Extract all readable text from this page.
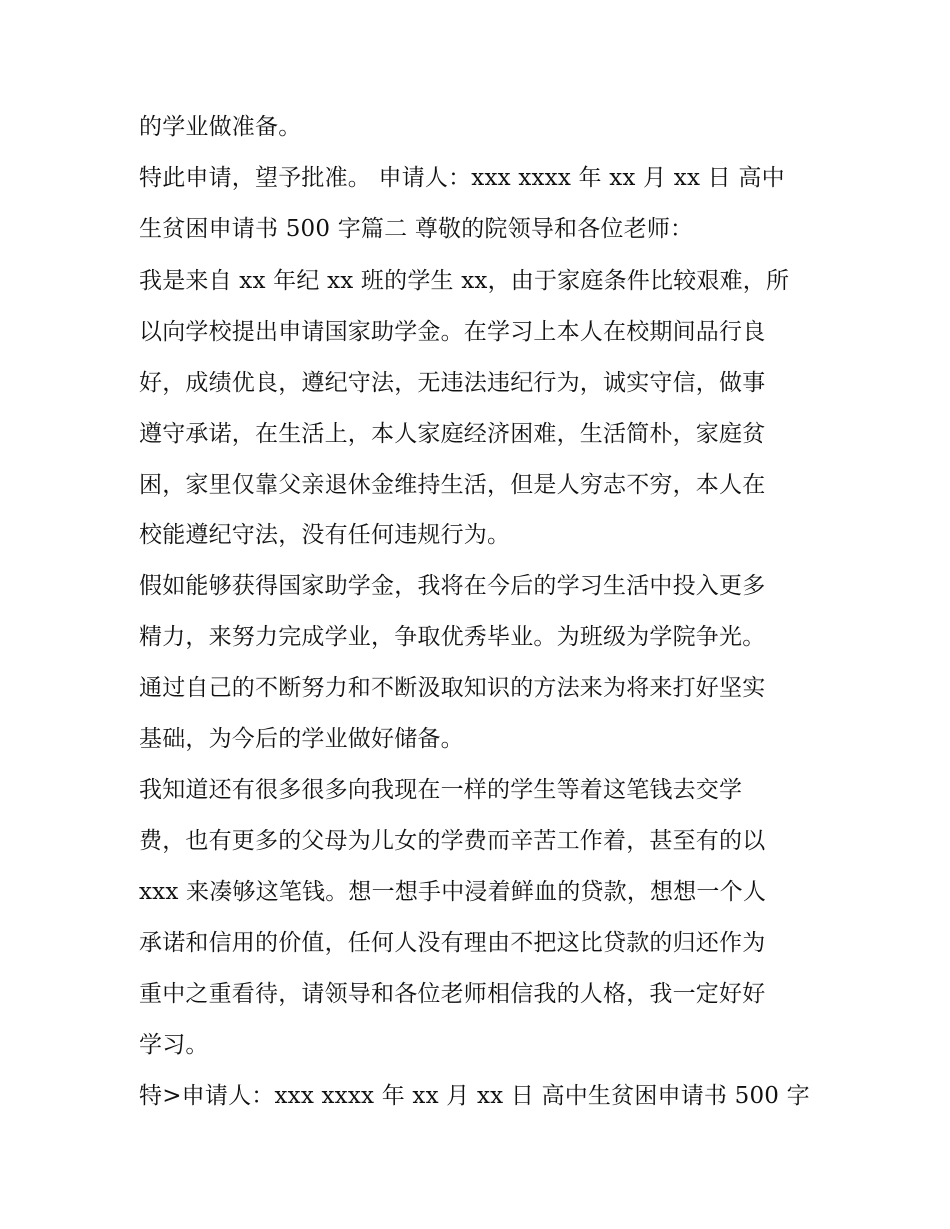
的学业做准备。

特此申请，望予批准。 申请人：xxx xxxx 年 xx 月 xx 日 高中

生贫困申请书 500 字篇二 尊敬的院领导和各位老师：

我是来自 xx 年纪 xx 班的学生 xx，由于家庭条件比较艰难，所

以向学校提出申请国家助学金。在学习上本人在校期间品行良

好，成绩优良，遵纪守法，无违法违纪行为，诚实守信，做事

遵守承诺，在生活上，本人家庭经济困难，生活简朴，家庭贫

困，家里仅靠父亲退休金维持生活，但是人穷志不穷，本人在

校能遵纪守法，没有任何违规行为。

假如能够获得国家助学金，我将在今后的学习生活中投入更多

精力，来努力完成学业，争取优秀毕业。为班级为学院争光。

通过自己的不断努力和不断汲取知识的方法来为将来打好坚实

基础，为今后的学业做好储备。

我知道还有很多很多向我现在一样的学生等着这笔钱去交学

费，也有更多的父母为儿女的学费而辛苦工作着，甚至有的以

xxx 来凑够这笔钱。想一想手中浸着鲜血的贷款，想想一个人

承诺和信用的价值，任何人没有理由不把这比贷款的归还作为

重中之重看待，请领导和各位老师相信我的人格，我一定好好

学习。

特>申请人：xxx xxxx 年 xx 月 xx 日 高中生贫困申请书 500 字
